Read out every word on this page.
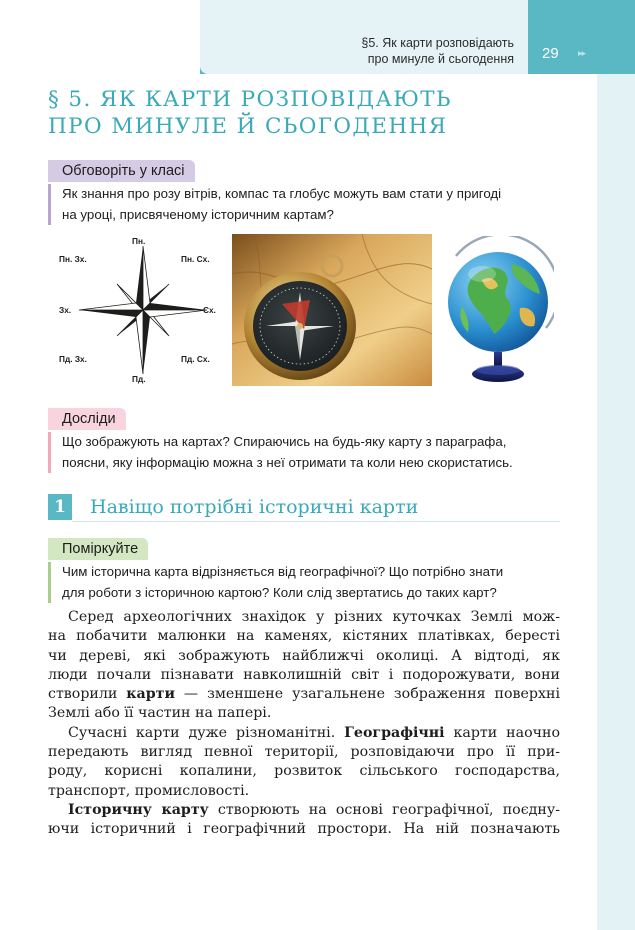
§5. Як карти розповідають
про минуле й сьогодення 29 ▸▸
§ 5. ЯК КАРТИ РОЗПОВІДАЮТЬ
ПРО МИНУЛЕ Й СЬОГОДЕННЯ
Обговоріть у класі
Як знання про розу вітрів, компас та глобус можуть вам стати у пригоді
на уроці, присвяченому історичним картам?
Пн.
Пн. Зх.	Пн. Сх.
Зх.	Сх.
Пд. Зх.	Пд. Сх.
Пд.
Досліди
Що зображують на картах? Спираючись на будь-яку карту з параграфа,
поясни, яку інформацію можна з неї отримати та коли нею скористатись.
1	Навіщо потрібні історичні карти
Поміркуйте
Чим історична карта відрізняється від географічної? Що потрібно знати
для роботи з історичною картою? Коли слід звертатись до таких карт?

Серед археологічних знахідок у різних куточках Землі мож-
на побачити малюнки на каменях, кістяних платівках, бересті
чи дереві, які зображують найближчі околиці. А відтоді, як
люди почали пізнавати навколишній світ і подорожувати, вони
створили карти — зменшене узагальнене зображення поверхні
Землі або її частин на папері.

Сучасні карти дуже різноманітні. Географічні карти наочно
передають вигляд певної території, розповідаючи про її при-
роду, корисні копалини, розвиток сільського господарства,
транспорт, промисловості.

Історичну карту створюють на основі географічної, поєдну-
ючи історичний і географічний простори. На ній позначають
